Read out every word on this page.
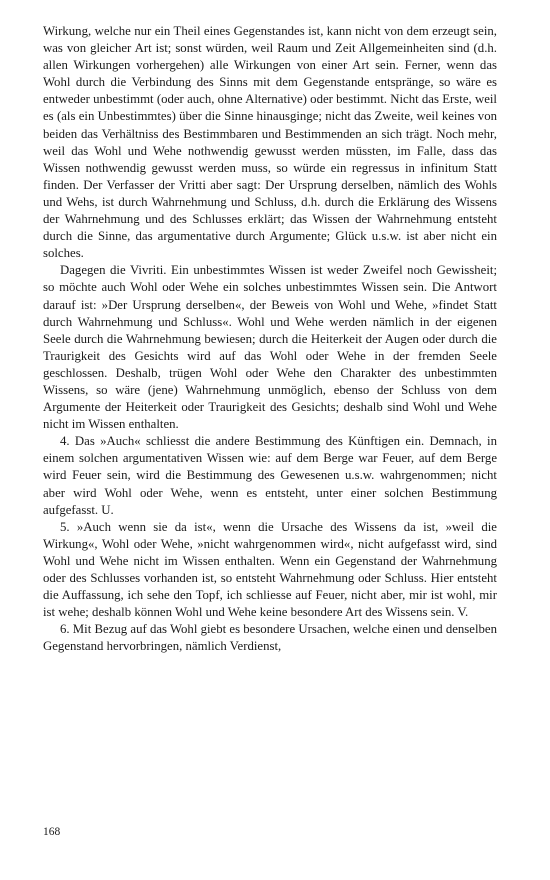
Wirkung, welche nur ein Theil eines Gegenstandes ist, kann nicht von dem erzeugt sein, was von gleicher Art ist; sonst würden, weil Raum und Zeit Allgemeinheiten sind (d.h. allen Wirkungen vorhergehen) alle Wirkungen von einer Art sein. Ferner, wenn das Wohl durch die Verbindung des Sinns mit dem Gegenstande entspränge, so wäre es entweder unbestimmt (oder auch, ohne Alternative) oder bestimmt. Nicht das Erste, weil es (als ein Unbestimmtes) über die Sinne hinausginge; nicht das Zweite, weil keines von beiden das Verhältniss des Bestimmbaren und Bestimmenden an sich trägt. Noch mehr, weil das Wohl und Wehe nothwendig gewusst werden müssten, im Falle, dass das Wissen nothwendig gewusst werden muss, so würde ein regressus in infinitum Statt finden. Der Verfasser der Vritti aber sagt: Der Ursprung derselben, nämlich des Wohls und Wehs, ist durch Wahrnehmung und Schluss, d.h. durch die Erklärung des Wissens der Wahrnehmung und des Schlusses erklärt; das Wissen der Wahrnehmung entsteht durch die Sinne, das argumentative durch Argumente; Glück u.s.w. ist aber nicht ein solches.

Dagegen die Vivriti. Ein unbestimmtes Wissen ist weder Zweifel noch Gewissheit; so möchte auch Wohl oder Wehe ein solches unbestimmtes Wissen sein. Die Antwort darauf ist: »Der Ursprung derselben«, der Beweis von Wohl und Wehe, »findet Statt durch Wahrnehmung und Schluss«. Wohl und Wehe werden nämlich in der eigenen Seele durch die Wahrnehmung bewiesen; durch die Heiterkeit der Augen oder durch die Traurigkeit des Gesichts wird auf das Wohl oder Wehe in der fremden Seele geschlossen. Deshalb, trügen Wohl oder Wehe den Charakter des unbestimmten Wissens, so wäre (jene) Wahrnehmung unmöglich, ebenso der Schluss von dem Argumente der Heiterkeit oder Traurigkeit des Gesichts; deshalb sind Wohl und Wehe nicht im Wissen enthalten.

4. Das »Auch« schliesst die andere Bestimmung des Künftigen ein. Demnach, in einem solchen argumentativen Wissen wie: auf dem Berge war Feuer, auf dem Berge wird Feuer sein, wird die Bestimmung des Gewesenen u.s.w. wahrgenommen; nicht aber wird Wohl oder Wehe, wenn es entsteht, unter einer solchen Bestimmung aufgefasst. U.

5. »Auch wenn sie da ist«, wenn die Ursache des Wissens da ist, »weil die Wirkung«, Wohl oder Wehe, »nicht wahrgenommen wird«, nicht aufgefasst wird, sind Wohl und Wehe nicht im Wissen enthalten. Wenn ein Gegenstand der Wahrnehmung oder des Schlusses vorhanden ist, so entsteht Wahrnehmung oder Schluss. Hier entsteht die Auffassung, ich sehe den Topf, ich schliesse auf Feuer, nicht aber, mir ist wohl, mir ist wehe; deshalb können Wohl und Wehe keine besondere Art des Wissens sein. V.

6. Mit Bezug auf das Wohl giebt es besondere Ursachen, welche einen und denselben Gegenstand hervorbringen, nämlich Verdienst,

168
